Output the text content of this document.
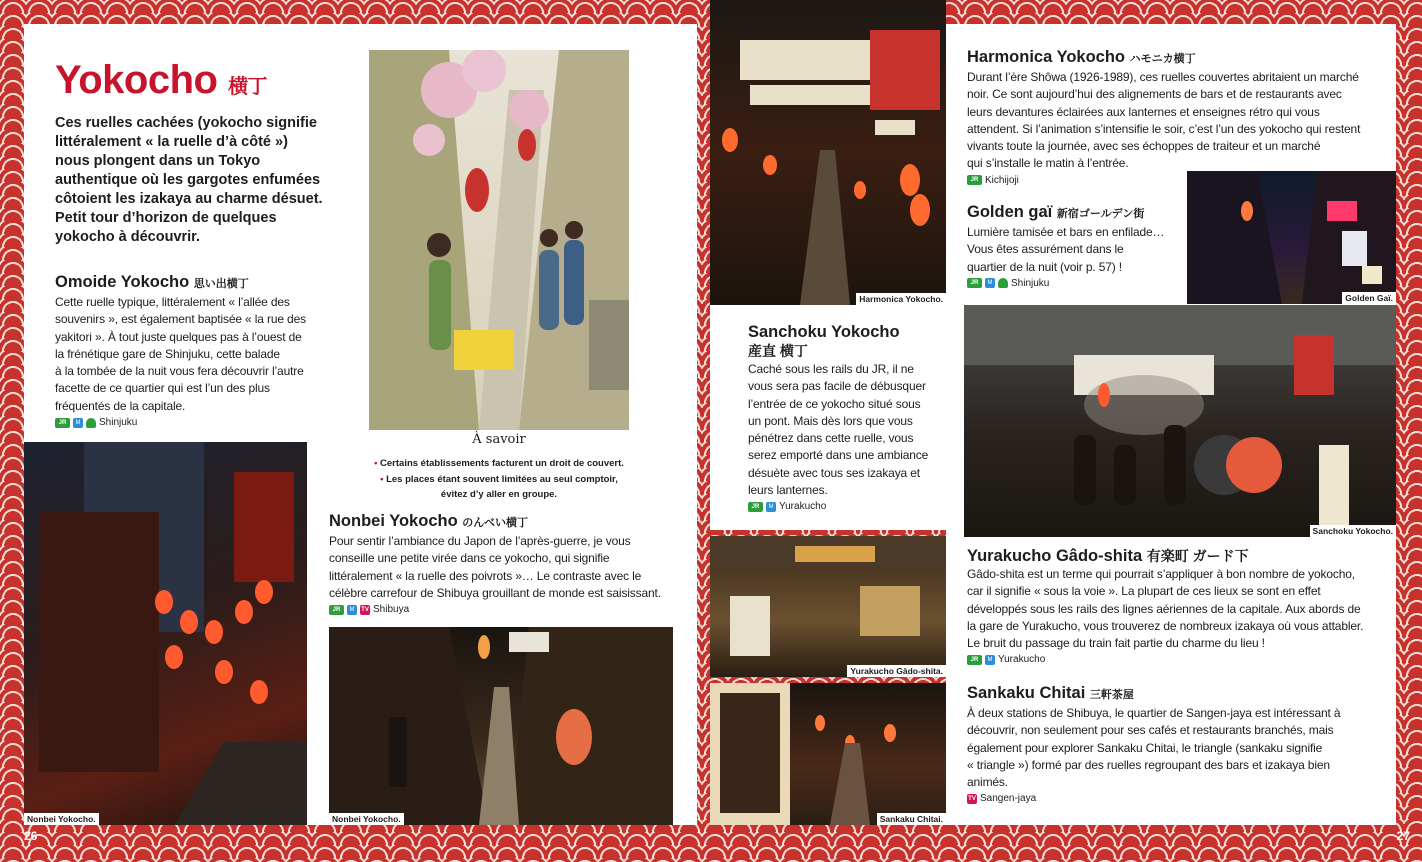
Yokocho 横丁
Ces ruelles cachées (yokocho signifie
littéralement « la ruelle d’à côté »)
nous plongent dans un Tokyo
authentique où les gargotes enfumées
côtoient les izakaya au charme désuet.
Petit tour d’horizon de quelques
yokocho à découvrir.
Omoide Yokocho 思い出横丁
Cette ruelle typique, littéralement « l’allée des
souvenirs », est également baptisée « la rue des
yakitori ». À tout juste quelques pas à l’ouest de
la frénétique gare de Shinjuku, cette balade
à la tombée de la nuit vous fera découvrir l’autre
facette de ce quartier qui est l’un des plus
fréquentés de la capitale.
JR	M Shinjuku
À savoir
• Certains établissements facturent un droit de couvert.
• Les places étant souvent limitées au seul comptoir,
évitez d’y aller en groupe.
Nonbei Yokocho のんべい横丁
Pour sentir l’ambiance du Japon de l’après-guerre, je vous
conseille une petite virée dans ce yokocho, qui signifie
littéralement « la ruelle des poivrots »… Le contraste avec le
célèbre carrefour de Shibuya grouillant de monde est saisissant.
JR	M	TV Shibuya
Nonbei Yokocho.	Nonbei Yokocho.
26
Harmonica Yokocho.
Sanchoku Yokocho
産直 横丁
Caché sous les rails du JR, il ne
vous sera pas facile de débusquer
l’entrée de ce yokocho situé sous
un pont. Mais dès lors que vous
pénétrez dans cette ruelle, vous
serez emporté dans une ambiance
désuète avec tous ses izakaya et
leurs lanternes.
JR	M Yurakucho
Yurakucho Gâdo-shita.
Sankaku Chitai.
Harmonica Yokocho ハモニカ横丁
Durant l’ère Shôwa (1926-1989), ces ruelles couvertes abritaient un marché
noir. Ce sont aujourd’hui des alignements de bars et de restaurants avec
leurs devantures éclairées aux lanternes et enseignes rétro qui vous
attendent. Si l’animation s’intensifie le soir, c’est l’un des yokocho qui restent
vivants toute la journée, avec ses échoppes de traiteur et un marché
qui s’installe le matin à l’entrée.
JR Kichijoji
Golden gaï 新宿ゴールデン街
Lumière tamisée et bars en enfilade…
Vous êtes assurément dans le
quartier de la nuit (voir p. 57) !
JR	M Shinjuku
Golden Gaï.
Sanchoku Yokocho.
Yurakucho Gâdo-shita 有楽町 ガード下
Gâdo-shita est un terme qui pourrait s’appliquer à bon nombre de yokocho,
car il signifie « sous la voie ». La plupart de ces lieux se sont en effet
développés sous les rails des lignes aériennes de la capitale. Aux abords de
la gare de Yurakucho, vous trouverez de nombreux izakaya où vous attabler.
Le bruit du passage du train fait partie du charme du lieu !
JR	M Yurakucho
Sankaku Chitai 三軒茶屋
À deux stations de Shibuya, le quartier de Sangen-jaya est intéressant à
découvrir, non seulement pour ses cafés et restaurants branchés, mais
également pour explorer Sankaku Chitai, le triangle (sankaku signifie
« triangle ») formé par des ruelles regroupant des bars et izakaya bien
animés.
TV Sangen-jaya
27
